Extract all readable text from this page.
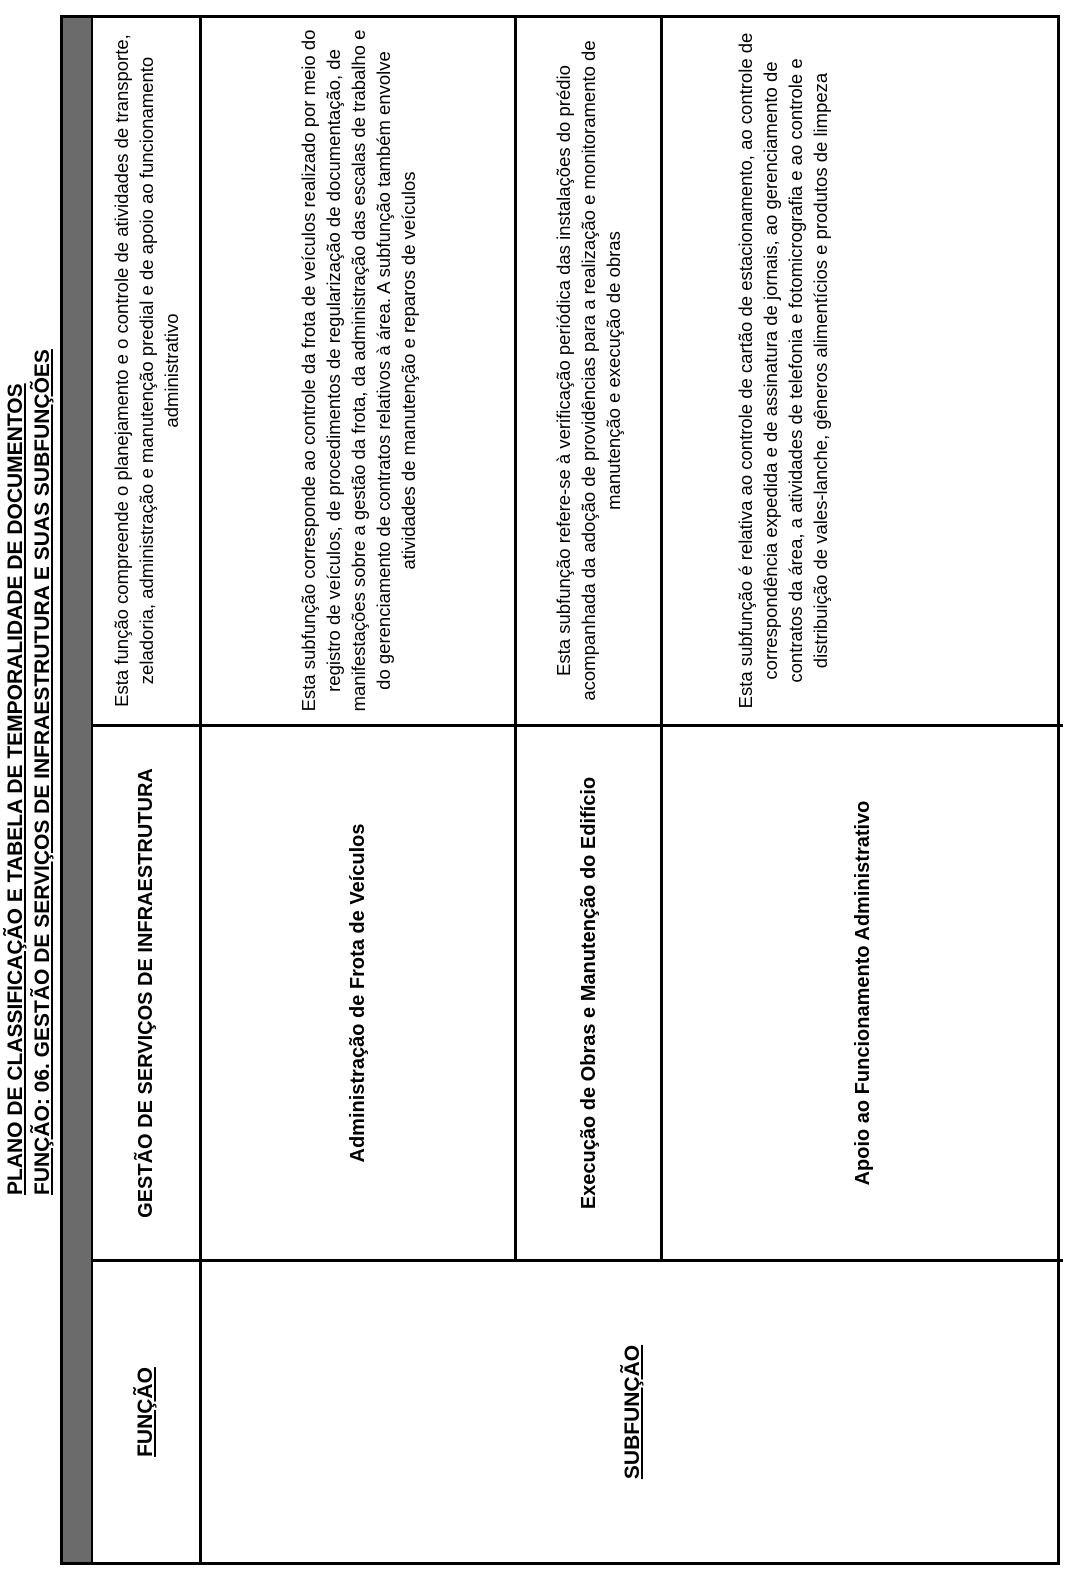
PLANO DE CLASSIFICAÇÃO E TABELA DE TEMPORALIDADE DE DOCUMENTOS FUNÇÃO: 06. GESTÃO DE SERVIÇOS DE INFRAESTRUTURA E SUAS SUBFUNÇÕES
FUNÇÃO
GESTÃO DE SERVIÇOS DE INFRAESTRUTURA

Esta função compreende o planejamento e o controle de atividades de transporte, zeladoria, administração e manutenção predial e de apoio ao funcionamento administrativo

SUBFUNÇÃO
Administração de Frota de Veículos

Esta subfunção corresponde ao controle da frota de veículos realizado por meio do registro de veículos, de procedimentos de regularização de documentação, de manifestações sobre a gestão da frota, da administração das escalas de trabalho e do gerenciamento de contratos relativos à área. A subfunção também envolve atividades de manutenção e reparos de veículos

Execução de Obras e Manutenção do Edifício

Esta subfunção refere-se à verificação periódica das instalações do prédio acompanhada da adoção de providências para a realização e monitoramento de manutenção e execução de obras

Apoio ao Funcionamento Administrativo

Esta subfunção é relativa ao controle de cartão de estacionamento, ao controle de correspondência expedida e de assinatura de jornais, ao gerenciamento de contratos da área, a atividades de telefonia e fotomicrografia e ao controle e distribuição de vales-lanche, gêneros alimentícios e produtos de limpeza
